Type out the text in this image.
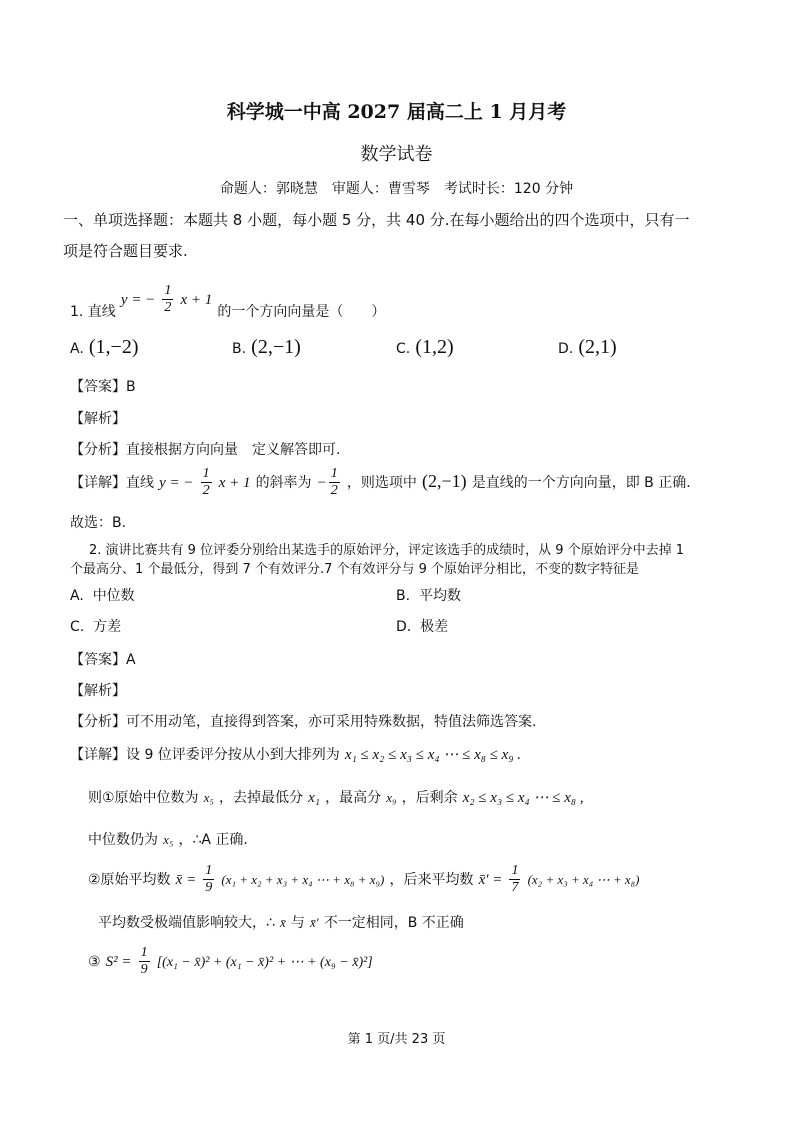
科学城一中高 2027 届高二上 1 月月考
数学试卷
命题人：郭晓慧　审题人：曹雪琴　考试时长：120 分钟
一、单项选择题：本题共 8 小题，每小题 5 分，共 40 分.在每小题给出的四个选项中，只有一
项是符合题目要求.
1. 直线 y = − $\frac{1}{2}$ x + 1 的一个方向向量是（　　）
A. (1,−2)	B. (2,−1)	C. (1,2)	D. (2,1)
【答案】B
【解析】
【分析】直接根据方向向量　定义解答即可.
【详解】直线 y = − $\frac{1}{2}$ x + 1 的斜率为 − $\frac{1}{2}$ ，则选项中 (2,−1) 是直线的一个方向向量，即 B 正确.
故选：B.
2. 演讲比赛共有 9 位评委分别给出某选手的原始评分，评定该选手的成绩时，从 9 个原始评分中去掉 1
个最高分、1 个最低分，得到 7 个有效评分.7 个有效评分与 9 个原始评分相比，不变的数字特征是
A. 中位数	B. 平均数
C. 方差	D. 极差
【答案】A
【解析】
【分析】可不用动笔，直接得到答案，亦可采用特殊数据，特值法筛选答案.
【详解】设 9 位评委评分按从小到大排列为 x₁ ≤ x₂ ≤ x₃ ≤ x₄ ⋯ ≤ x₈ ≤ x₉ .
则①原始中位数为 x₅ ，去掉最低分 x₁ ，最高分 x₉ ，后剩余 x₂ ≤ x₃ ≤ x₄ ⋯ ≤ x₈ ,
中位数仍为 x₅ ，∴A 正确.
②原始平均数 x̄ = $\frac{1}{9} (x_1 + x_2 + x_3 + x_4$ ⋯ + x₈ + x₉) ，后来平均数 x̄′ = $\frac{1}{7} (x_2 + x_3 + x_4$ ⋯ + x₈)
平均数受极端值影响较大，∴ x̄ 与 x̄′ 不一定相同，B 不正确
③ $S^2 = \frac{1}{9} [(x_1$ − x̄)² + (x₁ − x̄)² + ⋯ + (x₉ − x̄)²]
第 1 页/共 23 页
